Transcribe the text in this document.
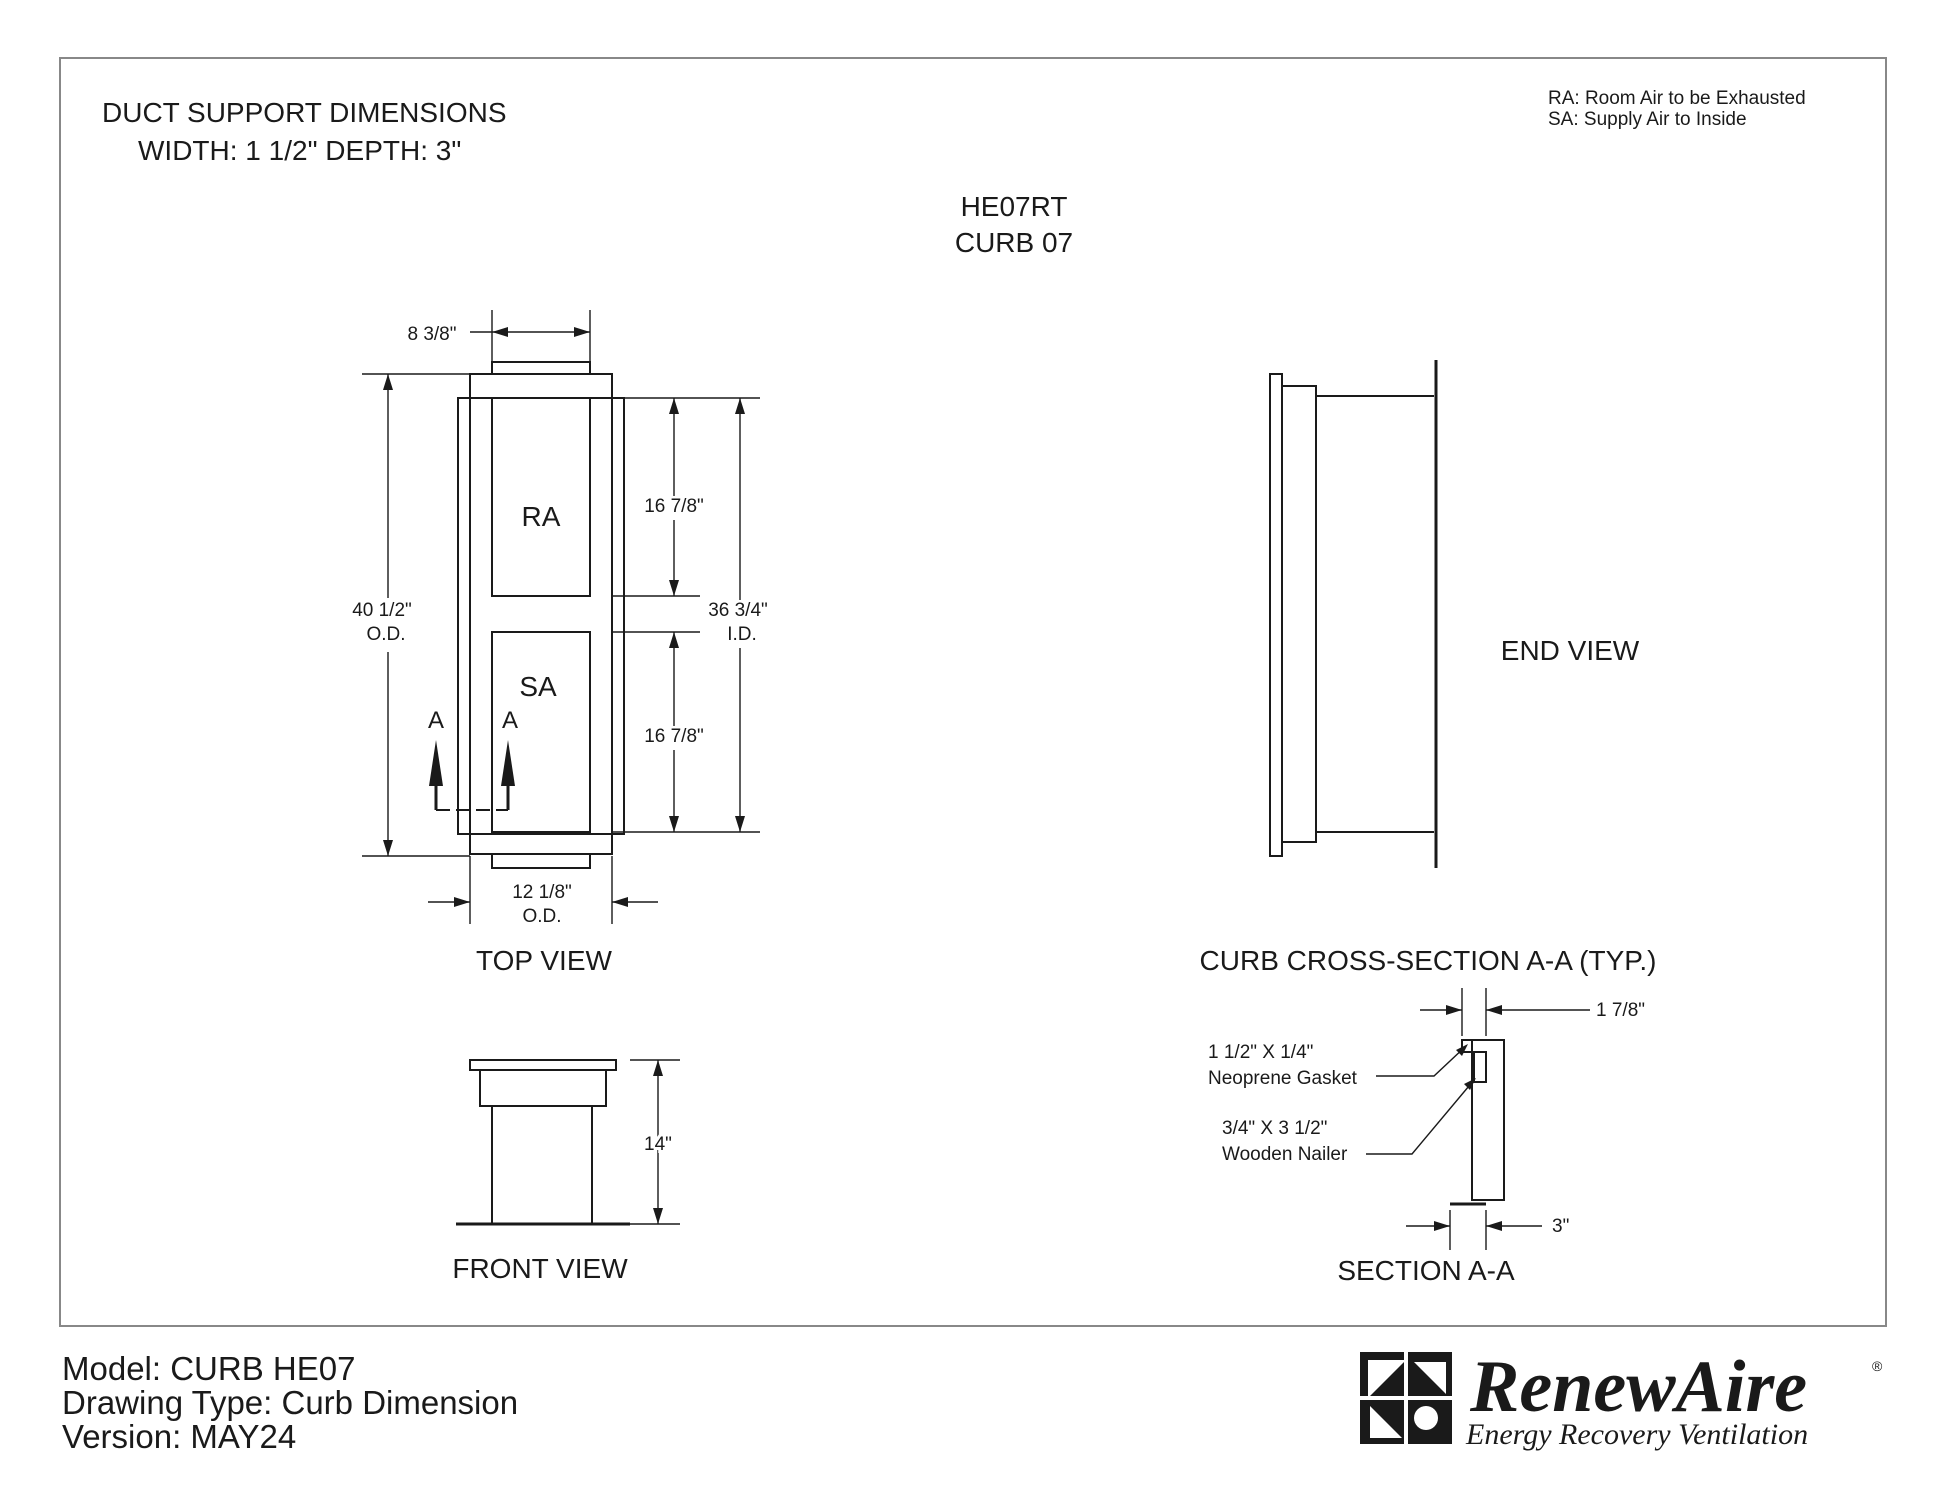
DUCT SUPPORT DIMENSIONS
WIDTH: 1 1/2" DEPTH: 3"
RA: Room Air to be Exhausted
SA: Supply Air to Inside
HE07RT
CURB 07
RA
SA
8 3/8"
40 1/2"
O.D.
16 7/8"
16 7/8"
36 3/4"
I.D.
A A
12 1/8"
O.D.
TOP VIEW
END VIEW
14"
FRONT VIEW
CURB CROSS-SECTION A-A (TYP.)
1 7/8"
1 1/2" X 1/4"
Neoprene Gasket
3/4" X 3 1/2"
Wooden Nailer
3"
SECTION A-A
Model: CURB HE07
Drawing Type: Curb Dimension
Version: MAY24
RenewAire	®
Energy Recovery Ventilation
